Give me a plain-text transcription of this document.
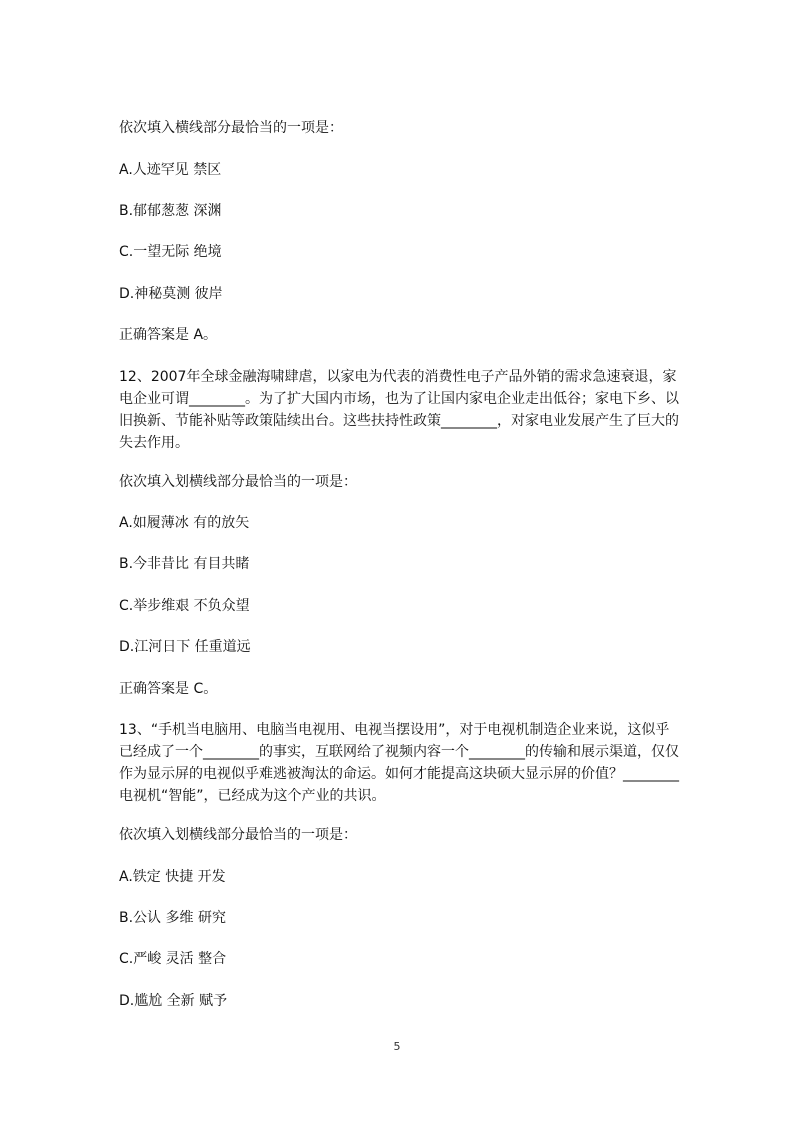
依次填入横线部分最恰当的一项是：
A.人迹罕见 禁区
B.郁郁葱葱 深渊
C.一望无际 绝境
D.神秘莫测 彼岸
正确答案是 A。
12、2007年全球金融海啸肆虐，以家电为代表的消费性电子产品外销的需求急速衰退，家电企业可谓________。为了扩大国内市场，也为了让国内家电企业走出低谷；家电下乡、以旧换新、节能补贴等政策陆续出台。这些扶持性政策________，对家电业发展产生了巨大的失去作用。
依次填入划横线部分最恰当的一项是：
A.如履薄冰 有的放矢
B.今非昔比 有目共睹
C.举步维艰 不负众望
D.江河日下 任重道远
正确答案是 C。
13、“手机当电脑用、电脑当电视用、电视当摆设用”，对于电视机制造企业来说，这似乎已经成了一个________的事实，互联网给了视频内容一个________的传输和展示渠道，仅仅作为显示屏的电视似乎难逃被淘汰的命运。如何才能提高这块硕大显示屏的价值？________ 电视机“智能”，已经成为这个产业的共识。
依次填入划横线部分最恰当的一项是：
A.铁定 快捷 开发
B.公认 多维 研究
C.严峻 灵活 整合
D.尴尬 全新 赋予
5
